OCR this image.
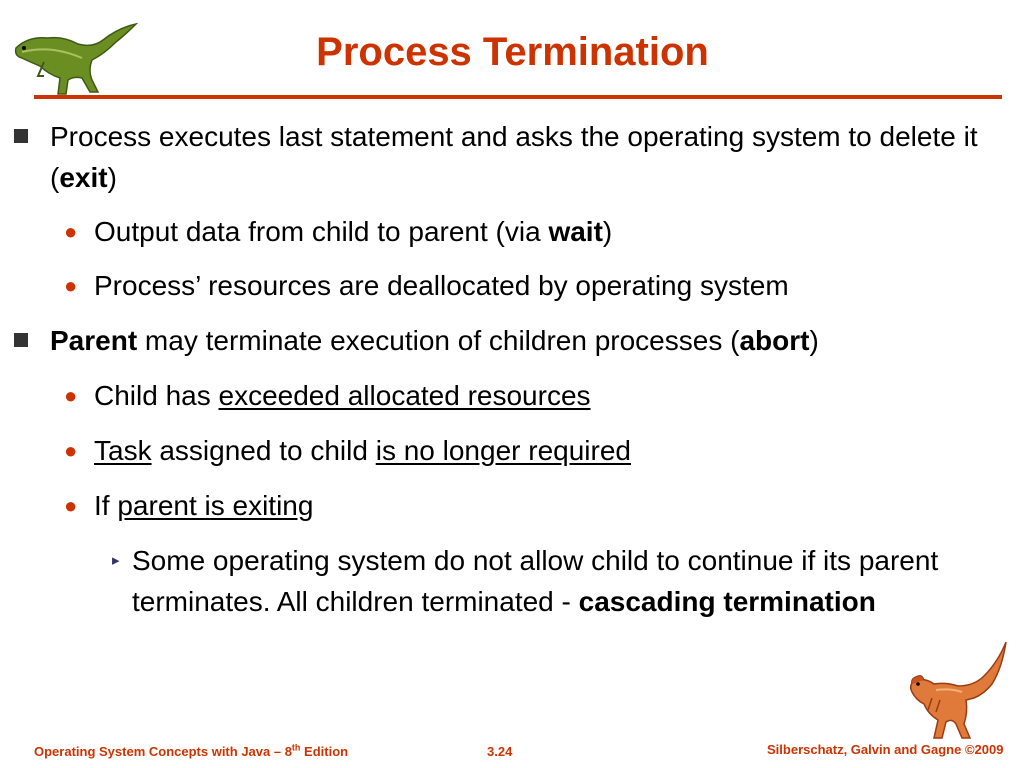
Process Termination
Process executes last statement and asks the operating system to delete it (exit)
● Output data from child to parent (via wait)
● Process’ resources are deallocated by operating system
Parent may terminate execution of children processes (abort)
● Child has exceeded allocated resources
● Task assigned to child is no longer required
● If parent is exiting
▸ Some operating system do not allow child to continue if its parent terminates. All children terminated - cascading termination
Operating System Concepts with Java – 8th Edition	3.24	Silberschatz, Galvin and Gagne ©2009
